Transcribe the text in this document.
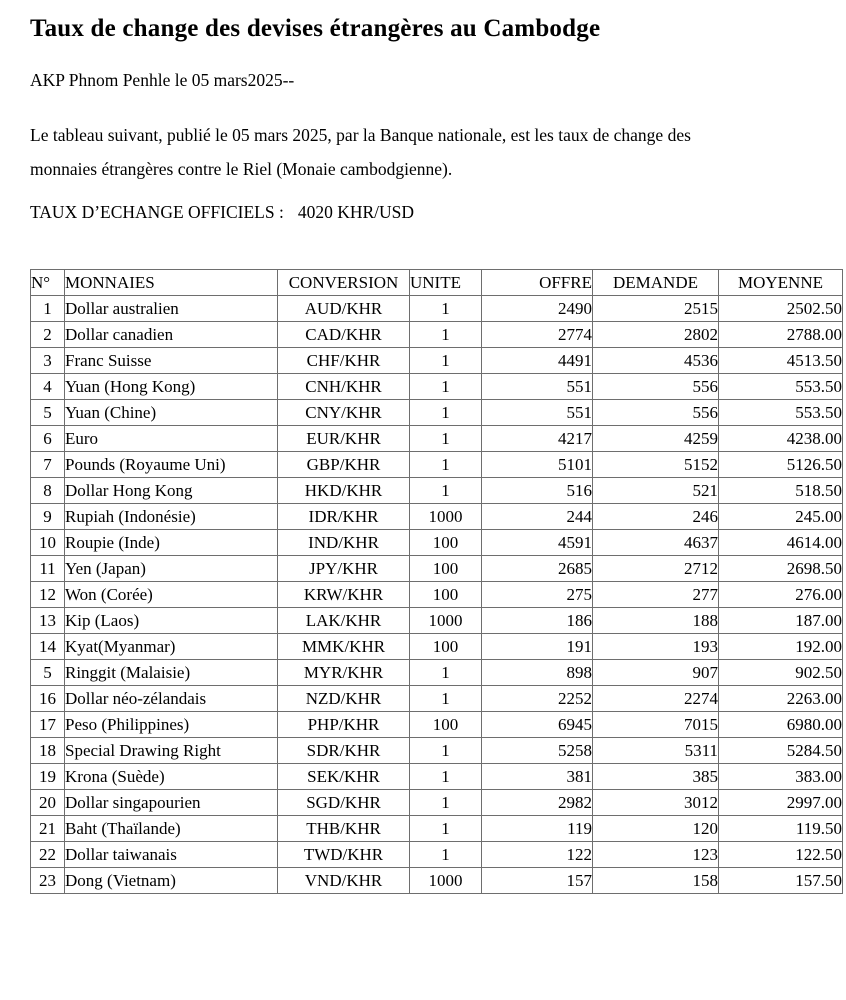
Taux de change des devises étrangères au Cambodge
AKP Phnom Penhle le 05 mars2025--
Le tableau suivant, publié le 05 mars 2025, par la Banque nationale, est les taux de change des
monnaies étrangères contre le Riel (Monaie cambodgienne).
TAUX D’ECHANGE OFFICIELS : 4020 KHR/USD
N°	MONNAIES	CONVERSION	UNITE	OFFRE	DEMANDE	MOYENNE
1	Dollar australien	AUD/KHR	1	2490	2515	2502.50
2	Dollar canadien	CAD/KHR	1	2774	2802	2788.00
3	Franc Suisse	CHF/KHR	1	4491	4536	4513.50
4	Yuan (Hong Kong)	CNH/KHR	1	551	556	553.50
5	Yuan (Chine)	CNY/KHR	1	551	556	553.50
6	Euro	EUR/KHR	1	4217	4259	4238.00
7	Pounds (Royaume Uni)	GBP/KHR	1	5101	5152	5126.50
8	Dollar Hong Kong	HKD/KHR	1	516	521	518.50
9	Rupiah (Indonésie)	IDR/KHR	1000	244	246	245.00
10	Roupie (Inde)	IND/KHR	100	4591	4637	4614.00
11	Yen (Japan)	JPY/KHR	100	2685	2712	2698.50
12	Won (Corée)	KRW/KHR	100	275	277	276.00
13	Kip (Laos)	LAK/KHR	1000	186	188	187.00
14	Kyat(Myanmar)	MMK/KHR	100	191	193	192.00
5	Ringgit (Malaisie)	MYR/KHR	1	898	907	902.50
16	Dollar néo-zélandais	NZD/KHR	1	2252	2274	2263.00
17	Peso (Philippines)	PHP/KHR	100	6945	7015	6980.00
18	Special Drawing Right	SDR/KHR	1	5258	5311	5284.50
19	Krona (Suède)	SEK/KHR	1	381	385	383.00
20	Dollar singapourien	SGD/KHR	1	2982	3012	2997.00
21	Baht (Thaïlande)	THB/KHR	1	119	120	119.50
22	Dollar taiwanais	TWD/KHR	1	122	123	122.50
23	Dong (Vietnam)	VND/KHR	1000	157	158	157.50
